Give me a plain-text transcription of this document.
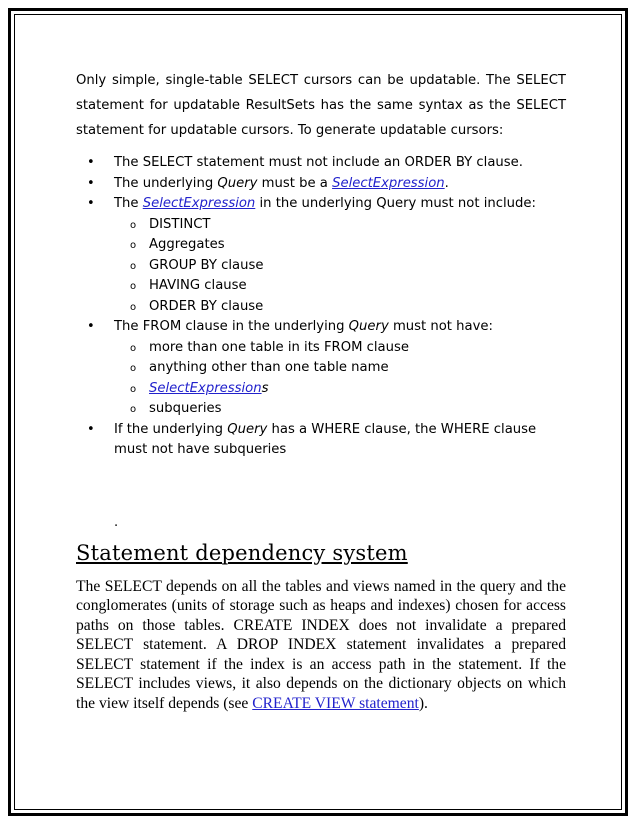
Only simple, single-table SELECT cursors can be updatable. The SELECT statement for updatable ResultSets has the same syntax as the SELECT statement for updatable cursors. To generate updatable cursors:

• The SELECT statement must not include an ORDER BY clause.
• The underlying Query must be a SelectExpression.
• The SelectExpression in the underlying Query must not include:
o DISTINCT
o Aggregates
o GROUP BY clause
o HAVING clause
o ORDER BY clause
• The FROM clause in the underlying Query must not have:
o more than one table in its FROM clause
o anything other than one table name
o SelectExpressions
o subqueries
• If the underlying Query has a WHERE clause, the WHERE clause must not have subqueries
.
Statement dependency system

The SELECT depends on all the tables and views named in the query and the conglomerates (units of storage such as heaps and indexes) chosen for access paths on those tables. CREATE INDEX does not invalidate a prepared SELECT statement. A DROP INDEX statement invalidates a prepared SELECT statement if the index is an access path in the statement. If the SELECT includes views, it also depends on the dictionary objects on which the view itself depends (see CREATE VIEW statement).
